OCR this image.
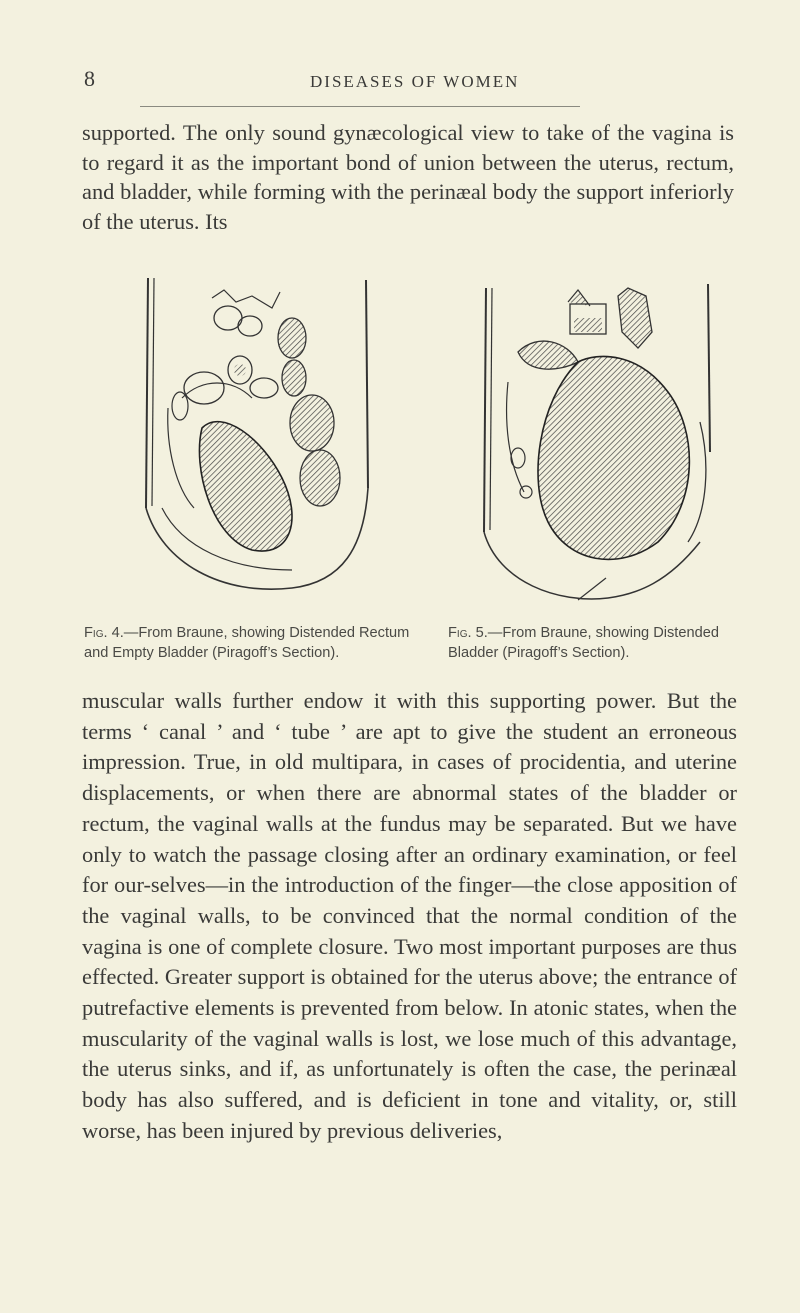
8	DISEASES OF WOMEN

supported. The only sound gynæcological view to take of the vagina is to regard it as the important bond of union between the uterus, rectum, and bladder, while forming with the perinæal body the support inferiorly of the uterus. Its

Fig. 4.—From Braune, showing Distended Rectum and Empty Bladder (Piragoff’s Section).
Fig. 5.—From Braune, showing Distended Bladder (Piragoff’s Section).

muscular walls further endow it with this supporting power. But the terms ‘ canal ’ and ‘ tube ’ are apt to give the student an erroneous impression. True, in old multipara, in cases of procidentia, and uterine displacements, or when there are abnormal states of the bladder or rectum, the vaginal walls at the fundus may be separated. But we have only to watch the passage closing after an ordinary examination, or feel for our-selves—in the introduction of the finger—the close apposition of the vaginal walls, to be convinced that the normal condition of the vagina is one of complete closure. Two most important purposes are thus effected. Greater support is obtained for the uterus above; the entrance of putrefactive elements is prevented from below. In atonic states, when the muscularity of the vaginal walls is lost, we lose much of this advantage, the uterus sinks, and if, as unfortunately is often the case, the perinæal body has also suffered, and is deficient in tone and vitality, or, still worse, has been injured by previous deliveries,
